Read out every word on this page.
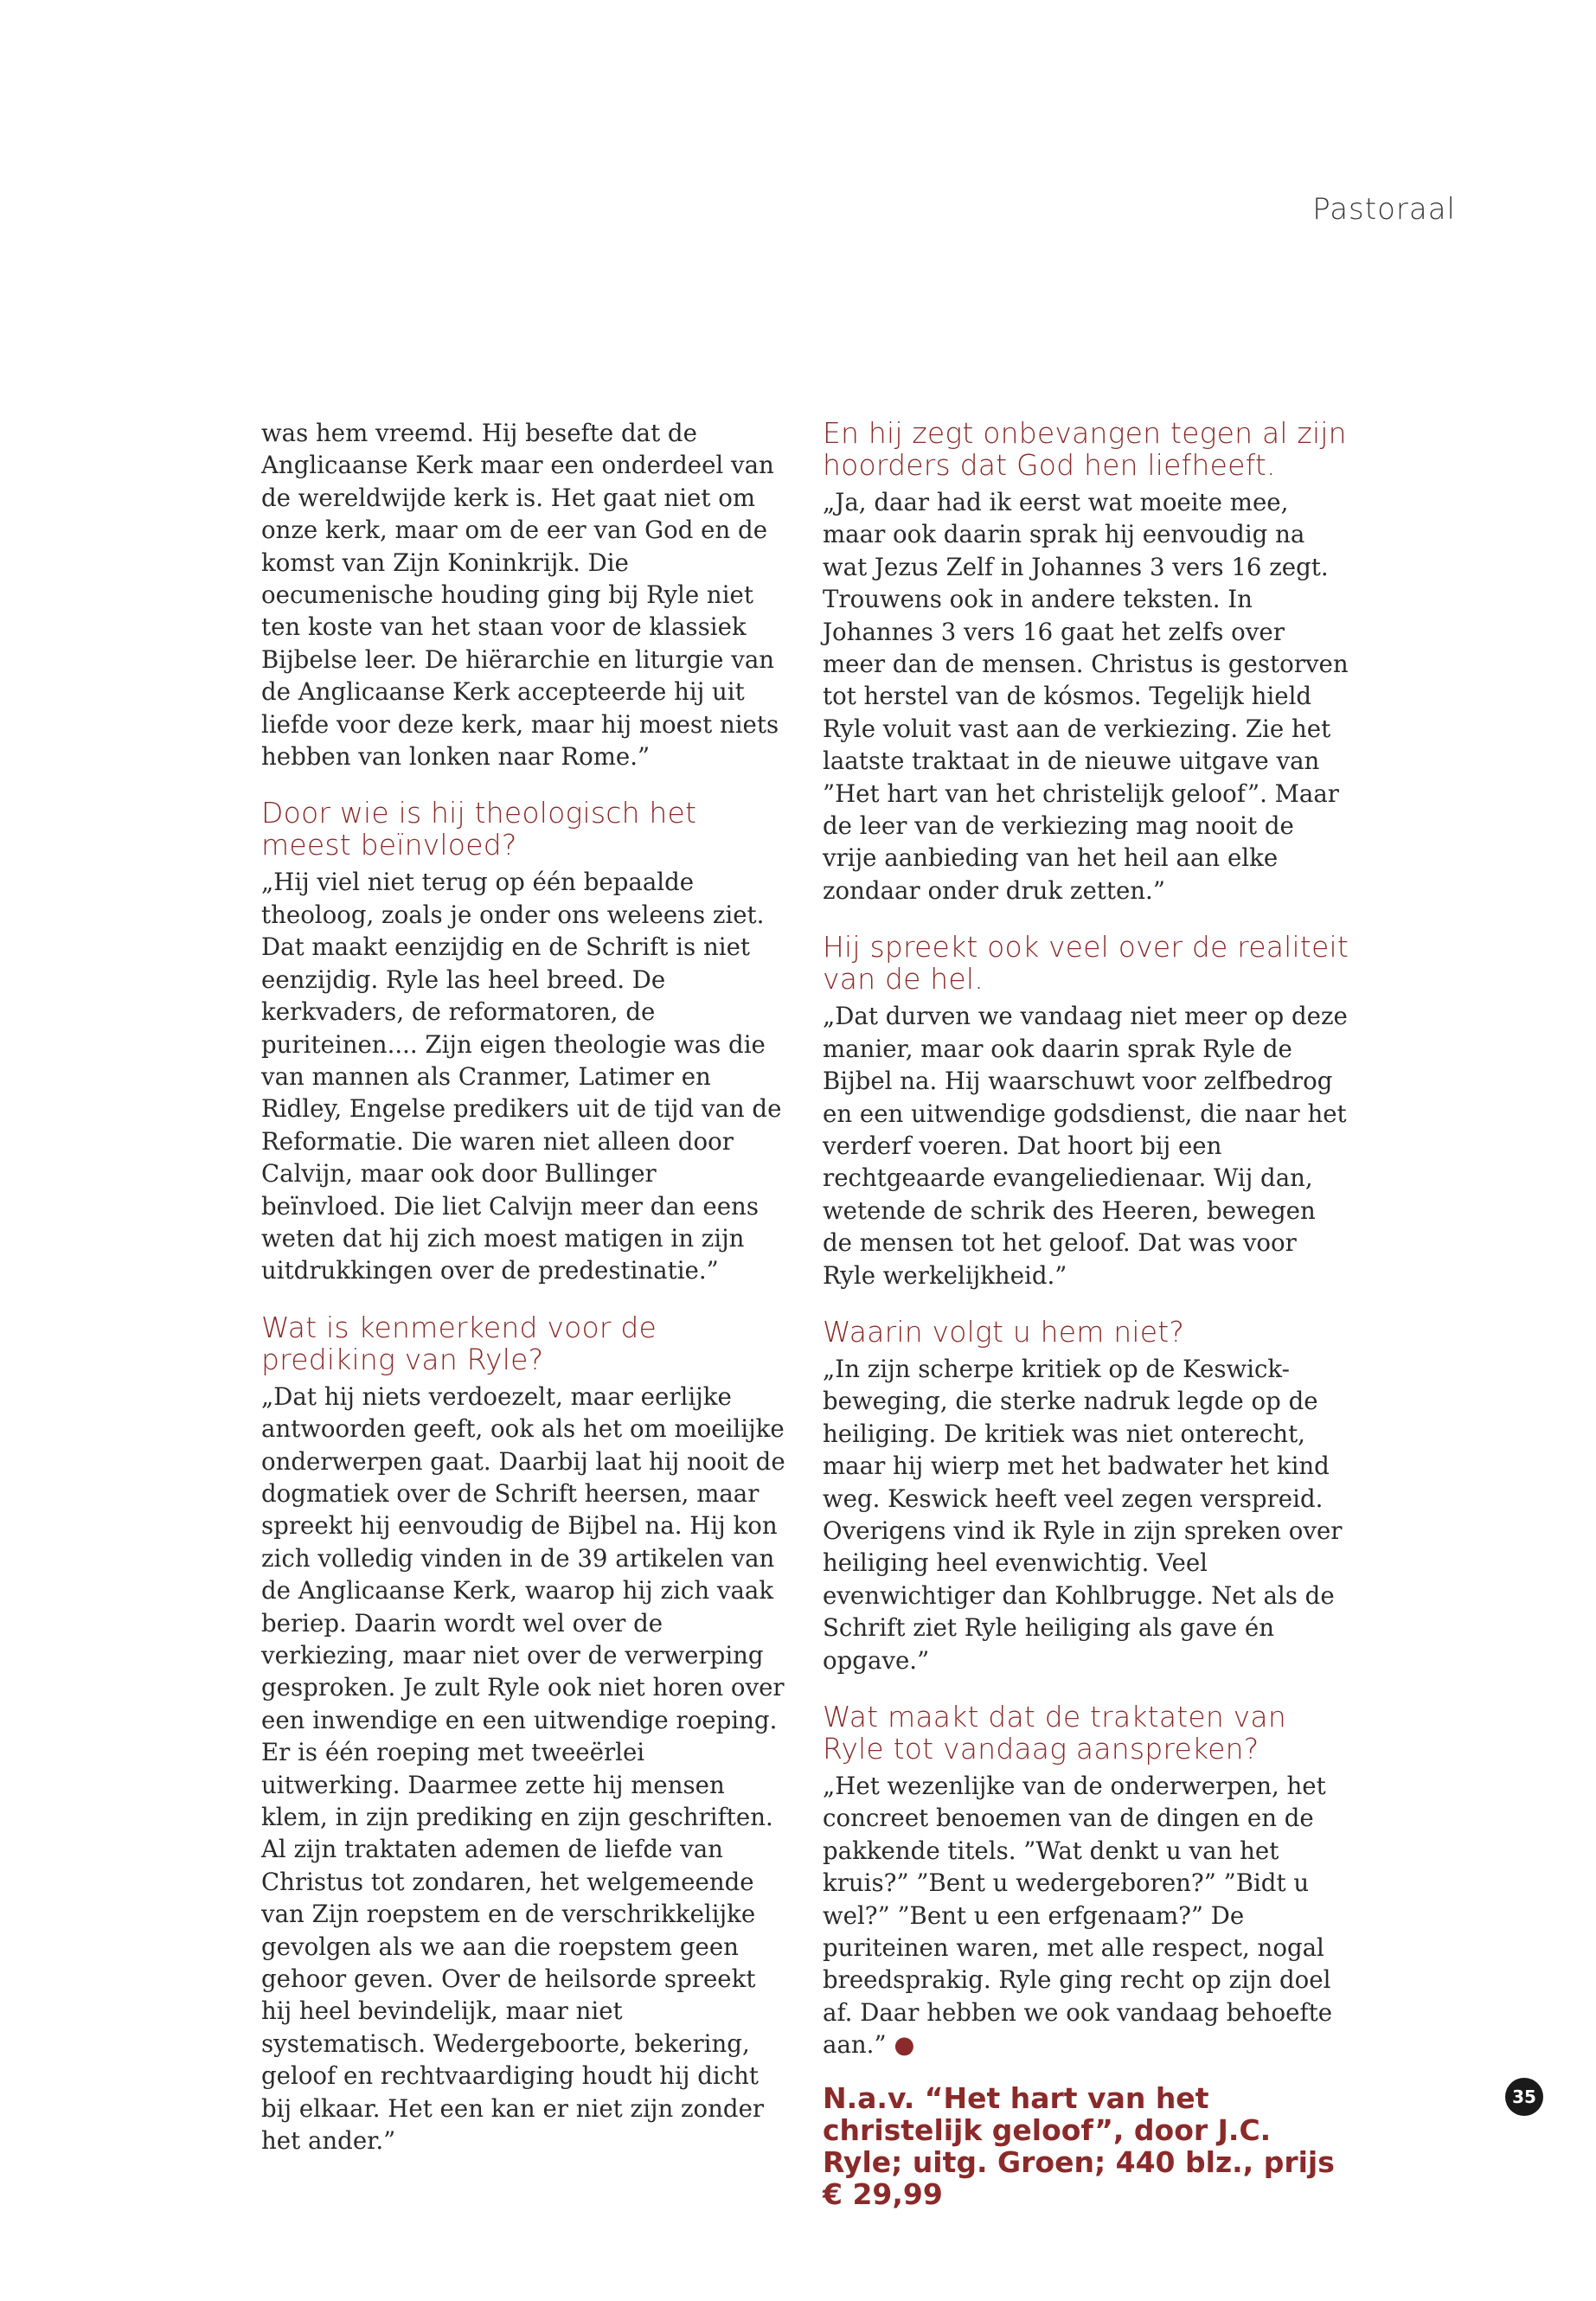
Pastoraal

was hem vreemd. Hij besefte dat de Anglicaanse Kerk maar een onderdeel van de wereldwijde kerk is. Het gaat niet om onze kerk, maar om de eer van God en de komst van Zijn Koninkrijk. Die oecumenische houding ging bij Ryle niet ten koste van het staan voor de klassiek Bijbelse leer. De hiërarchie en liturgie van de Anglicaanse Kerk accepteerde hij uit liefde voor deze kerk, maar hij moest niets hebben van lonken naar Rome.”

Door wie is hij theologisch het meest beïnvloed?

„Hij viel niet terug op één bepaalde theoloog, zoals je onder ons weleens ziet. Dat maakt eenzijdig en de Schrift is niet eenzijdig. Ryle las heel breed. De kerkvaders, de reformatoren, de puriteinen.... Zijn eigen theologie was die van mannen als Cranmer, Latimer en Ridley, Engelse predikers uit de tijd van de Reformatie. Die waren niet alleen door Calvijn, maar ook door Bullinger beïnvloed. Die liet Calvijn meer dan eens weten dat hij zich moest matigen in zijn uitdrukkingen over de predestinatie.”

Wat is kenmerkend voor de prediking van Ryle?

„Dat hij niets verdoezelt, maar eerlijke antwoorden geeft, ook als het om moeilijke onderwerpen gaat. Daarbij laat hij nooit de dogmatiek over de Schrift heersen, maar spreekt hij eenvoudig de Bijbel na. Hij kon zich volledig vinden in de 39 artikelen van de Anglicaanse Kerk, waarop hij zich vaak beriep. Daarin wordt wel over de verkiezing, maar niet over de verwerping gesproken. Je zult Ryle ook niet horen over een inwendige en een uitwendige roeping. Er is één roeping met tweeërlei uitwerking. Daarmee zette hij mensen klem, in zijn prediking en zijn geschriften. Al zijn traktaten ademen de liefde van Christus tot zondaren, het welgemeende van Zijn roepstem en de verschrikkelijke gevolgen als we aan die roepstem geen gehoor geven. Over de heilsorde spreekt hij heel bevindelijk, maar niet systematisch. Wedergeboorte, bekering, geloof en rechtvaardiging houdt hij dicht bij elkaar. Het een kan er niet zijn zonder het ander.”

En hij zegt onbevangen tegen al zijn hoorders dat God hen liefheeft.

„Ja, daar had ik eerst wat moeite mee, maar ook daarin sprak hij eenvoudig na wat Jezus Zelf in Johannes 3 vers 16 zegt. Trouwens ook in andere teksten. In Johannes 3 vers 16 gaat het zelfs over meer dan de mensen. Christus is gestorven tot herstel van de kósmos. Tegelijk hield Ryle voluit vast aan de verkiezing. Zie het laatste traktaat in de nieuwe uitgave van ”Het hart van het christelijk geloof”. Maar de leer van de verkiezing mag nooit de vrije aanbieding van het heil aan elke zondaar onder druk zetten.”

Hij spreekt ook veel over de realiteit van de hel.

„Dat durven we vandaag niet meer op deze manier, maar ook daarin sprak Ryle de Bijbel na. Hij waarschuwt voor zelfbedrog en een uitwendige godsdienst, die naar het verderf voeren. Dat hoort bij een rechtgeaarde evangeliedienaar. Wij dan, wetende de schrik des Heeren, bewegen de mensen tot het geloof. Dat was voor Ryle werkelijkheid.”

Waarin volgt u hem niet?

„In zijn scherpe kritiek op de Keswick-beweging, die sterke nadruk legde op de heiliging. De kritiek was niet onterecht, maar hij wierp met het badwater het kind weg. Keswick heeft veel zegen verspreid. Overigens vind ik Ryle in zijn spreken over heiliging heel evenwichtig. Veel evenwichtiger dan Kohlbrugge. Net als de Schrift ziet Ryle heiliging als gave én opgave.”

Wat maakt dat de traktaten van Ryle tot vandaag aanspreken?

„Het wezenlijke van de onderwerpen, het concreet benoemen van de dingen en de pakkende titels. ”Wat denkt u van het kruis?” ”Bent u wedergeboren?” ”Bidt u wel?” ”Bent u een erfgenaam?” De puriteinen waren, met alle respect, nogal breedsprakig. Ryle ging recht op zijn doel af. Daar hebben we ook vandaag behoefte aan.” ●

N.a.v. “Het hart van het christelijk geloof”, door J.C. Ryle; uitg. Groen; 440 blz., prijs € 29,99

35
